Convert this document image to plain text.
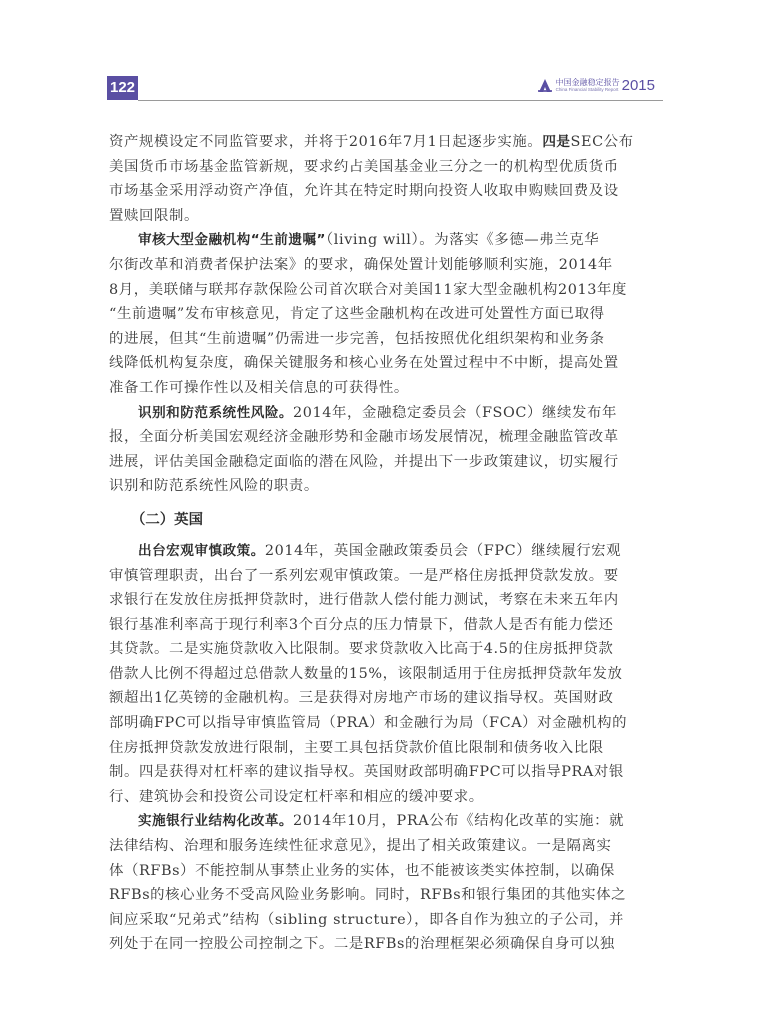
122	中国金融稳定报告
China Financial Stability Report 2015
资产规模设定不同监管要求，并将于2016年7月1日起逐步实施。四是SEC公布
美国货币市场基金监管新规，要求约占美国基金业三分之一的机构型优质货币
市场基金采用浮动资产净值，允许其在特定时期向投资人收取申购赎回费及设
置赎回限制。
审核大型金融机构“生前遗嘱”（living will）。为落实《多德—弗兰克华
尔街改革和消费者保护法案》的要求，确保处置计划能够顺利实施，2014年
8月，美联储与联邦存款保险公司首次联合对美国11家大型金融机构2013年度
“生前遗嘱”发布审核意见，肯定了这些金融机构在改进可处置性方面已取得
的进展，但其“生前遗嘱”仍需进一步完善，包括按照优化组织架构和业务条
线降低机构复杂度，确保关键服务和核心业务在处置过程中不中断，提高处置
准备工作可操作性以及相关信息的可获得性。
识别和防范系统性风险。2014年，金融稳定委员会（FSOC）继续发布年
报，全面分析美国宏观经济金融形势和金融市场发展情况，梳理金融监管改革
进展，评估美国金融稳定面临的潜在风险，并提出下一步政策建议，切实履行
识别和防范系统性风险的职责。
（二）英国
出台宏观审慎政策。2014年，英国金融政策委员会（FPC）继续履行宏观
审慎管理职责，出台了一系列宏观审慎政策。一是严格住房抵押贷款发放。要
求银行在发放住房抵押贷款时，进行借款人偿付能力测试，考察在未来五年内
银行基准利率高于现行利率3个百分点的压力情景下，借款人是否有能力偿还
其贷款。二是实施贷款收入比限制。要求贷款收入比高于4.5的住房抵押贷款
借款人比例不得超过总借款人数量的15%，该限制适用于住房抵押贷款年发放
额超出1亿英镑的金融机构。三是获得对房地产市场的建议指导权。英国财政
部明确FPC可以指导审慎监管局（PRA）和金融行为局（FCA）对金融机构的
住房抵押贷款发放进行限制，主要工具包括贷款价值比限制和债务收入比限
制。四是获得对杠杆率的建议指导权。英国财政部明确FPC可以指导PRA对银
行、建筑协会和投资公司设定杠杆率和相应的缓冲要求。
实施银行业结构化改革。2014年10月，PRA公布《结构化改革的实施：就
法律结构、治理和服务连续性征求意见》，提出了相关政策建议。一是隔离实
体（RFBs）不能控制从事禁止业务的实体，也不能被该类实体控制，以确保
RFBs的核心业务不受高风险业务影响。同时，RFBs和银行集团的其他实体之
间应采取“兄弟式”结构（sibling structure），即各自作为独立的子公司，并
列处于在同一控股公司控制之下。二是RFBs的治理框架必须确保自身可以独
